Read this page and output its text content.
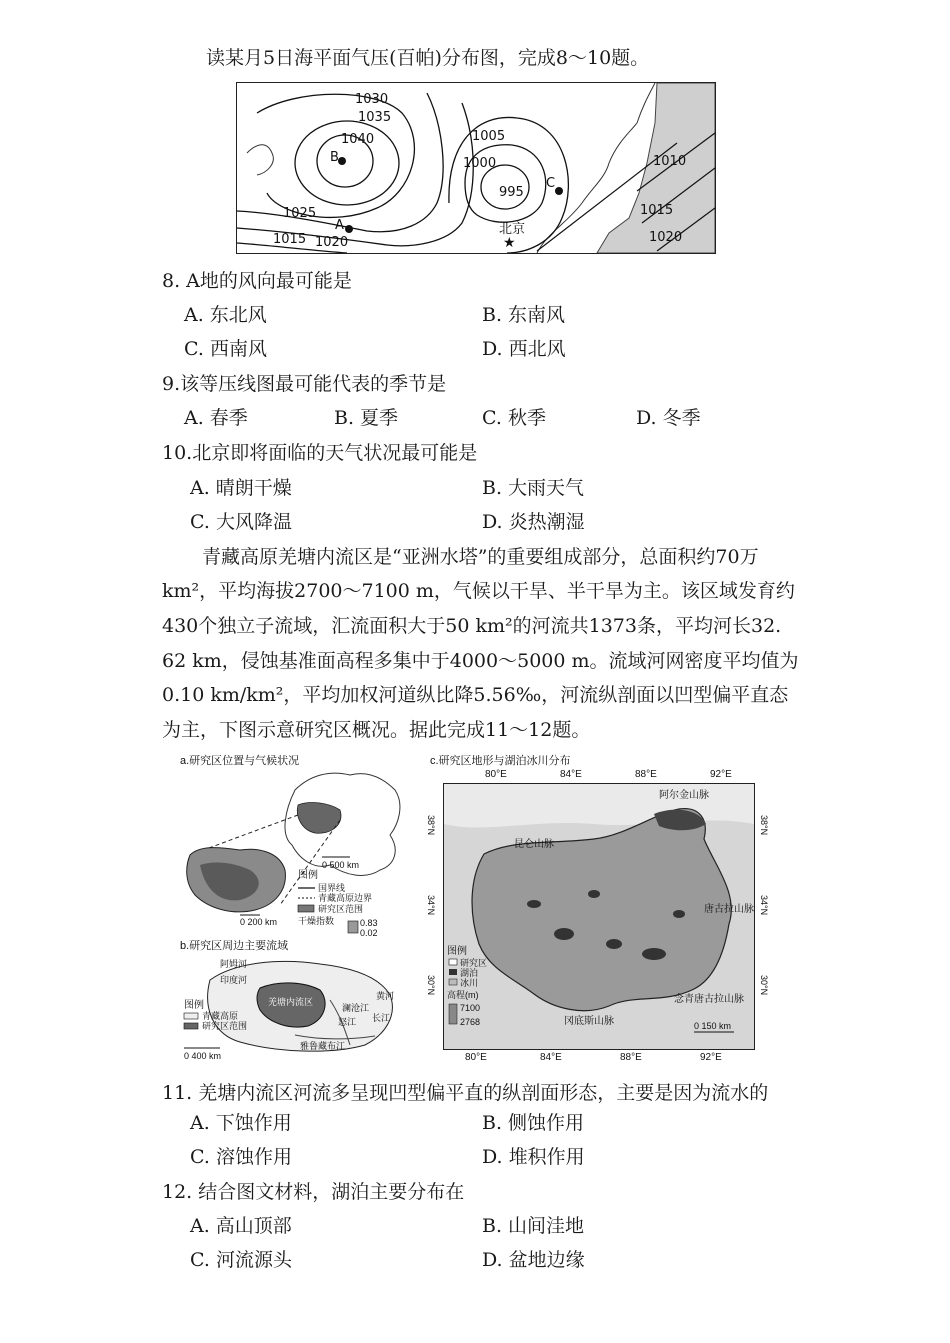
读某月5日海平面气压(百帕)分布图，完成8～10题。
★
1030
1035
1040	1005
1000
995
1025
1015 1020
1010
1015
1020
B
A
C
北京
8. A地的风向最可能是
A. 东北风	B. 东南风
C. 西南风	D. 西北风
9.该等压线图最可能代表的季节是
A. 春季	B. 夏季	C. 秋季	D. 冬季
10.北京即将面临的天气状况最可能是
A. 晴朗干燥	B. 大雨天气
C. 大风降温	D. 炎热潮湿
青藏高原羌塘内流区是“亚洲水塔”的重要组成部分，总面积约70万
km²，平均海拔2700～7100 m，气候以干旱、半干旱为主。该区域发育约
430个独立子流域，汇流面积大于50 km²的河流共1373条，平均河长32.
62 km，侵蚀基准面高程多集中于4000～5000 m。流域河网密度平均值为
0.10 km/km²，平均加权河道纵比降5.56‰，河流纵剖面以凹型偏平直态
为主，下图示意研究区概况。据此完成11～12题。
a.研究区位置与气候状况
0 500 km
0 200 km
图例
国界线
青藏高原边界
研究区范围
干燥指数	0.83
0.02
b.研究区周边主要流域
阿姆河
印度河
羌塘内流区
澜沧江
怒江 长江
黄河
雅鲁藏布江
图例
青藏高原
研究区范围
0 400 km
c.研究区地形与湖泊冰川分布
80°E	84°E	88°E	92°E
阿尔金山脉
昆仑山脉
唐古拉山脉
念青唐古拉山脉
冈底斯山脉
图例
研究区
湖泊
冰川
高程(m)
7100
2768	0 150 km
38°N
34°N
30°N
38°N
34°N
30°N
80°E	84°E	88°E	92°E
11. 羌塘内流区河流多呈现凹型偏平直的纵剖面形态，主要是因为流水的
A. 下蚀作用	B. 侧蚀作用
C. 溶蚀作用	D. 堆积作用
12. 结合图文材料，湖泊主要分布在
A. 高山顶部	B. 山间洼地
C. 河流源头	D. 盆地边缘
